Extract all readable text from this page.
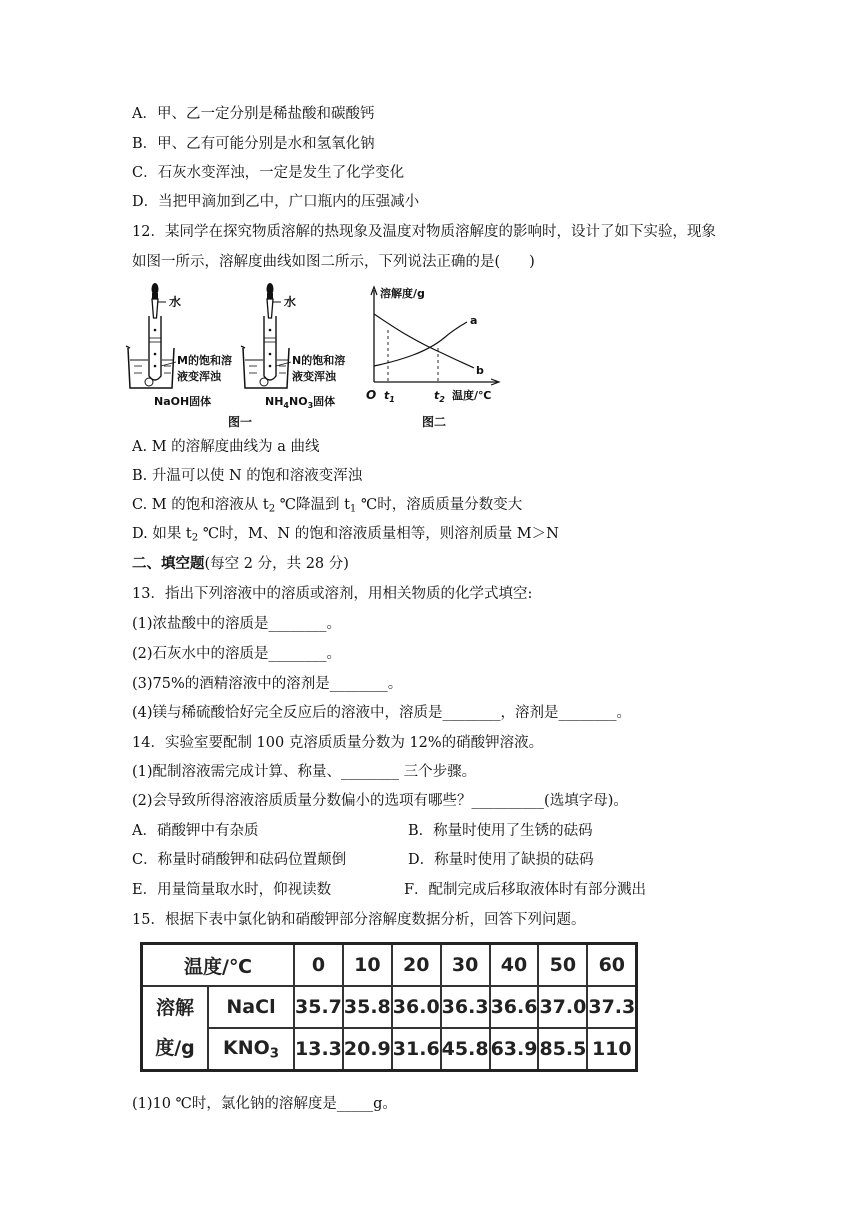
A．甲、乙一定分别是稀盐酸和碳酸钙
B．甲、乙有可能分别是水和氢氧化钠
C．石灰水变浑浊，一定是发生了化学变化
D．当把甲滴加到乙中，广口瓶内的压强减小
12．某同学在探究物质溶解的热现象及温度对物质溶解度的影响时，设计了如下实验，现象
如图一所示，溶解度曲线如图二所示，下列说法正确的是(　　)
水
M的饱和溶
液变浑浊
NaOH固体
水
N的饱和溶
液变浑浊
$NH_4NO_3$固体
图一
溶解度/g
a
b
O $t_1$	$t_2$ 温度/℃
图二
A. M 的溶解度曲线为 a 曲线
B. 升温可以使 N 的饱和溶液变浑浊
C. M 的饱和溶液从 $t_2$ ℃降温到 $t_1$ ℃时，溶质质量分数变大
D. 如果 $t_2$ ℃时，M、N 的饱和溶液质量相等，则溶剂质量 M＞N
二、填空题(每空 2 分，共 28 分)
13．指出下列溶液中的溶质或溶剂，用相关物质的化学式填空:
(1)浓盐酸中的溶质是________。
(2)石灰水中的溶质是________。
(3)75%的酒精溶液中的溶剂是________。
(4)镁与稀硫酸恰好完全反应后的溶液中，溶质是________，溶剂是________。
14．实验室要配制 100 克溶质质量分数为 12%的硝酸钾溶液。
(1)配制溶液需完成计算、称量、________ 三个步骤。
(2)会导致所得溶液溶质质量分数偏小的选项有哪些？__________(选填字母)。
A．硝酸钾中有杂质	B．称量时使用了生锈的砝码
C．称量时硝酸钾和砝码位置颠倒	D．称量时使用了缺损的砝码
E．用量筒量取水时，仰视读数	F．配制完成后移取液体时有部分溅出
15．根据下表中氯化钠和硝酸钾部分溶解度数据分析，回答下列问题。
温度/℃		0	10	20	30	40	50	60
溶解
度/g	NaCl	35.7	35.8	36.0	36.3	36.6	37.0	37.3
	$KNO_3$	13.3	20.9	31.6	45.8	63.9	85.5	110
(1)10 ℃时，氯化钠的溶解度是_____g。
